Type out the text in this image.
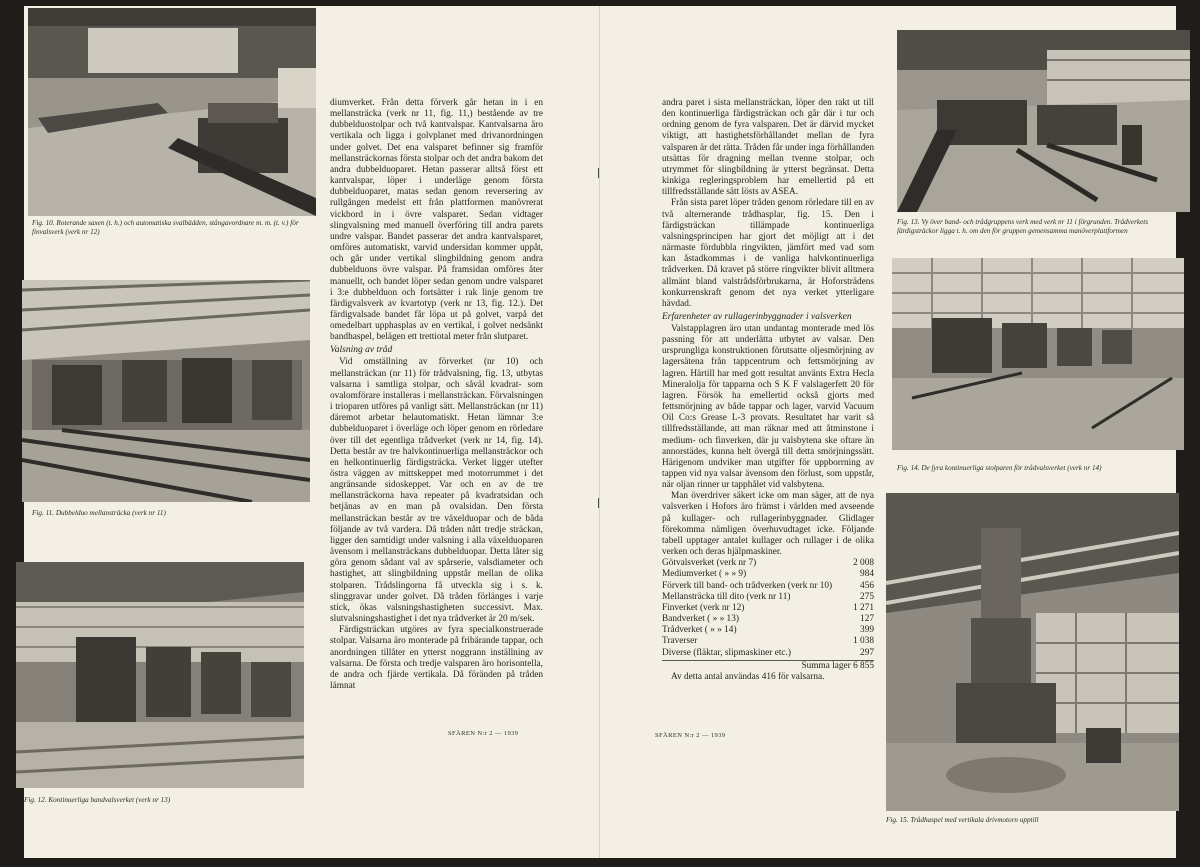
Fig. 10. Roterande saxen (t. h.) och automatiska svalbädden, stångavordnare m. m. (t. v.) för finvalsverk (verk nr 12)
Fig. 11. Dubbelduo mellansträcka (verk nr 11)
Fig. 12. Kontinuerliga bandvalsverket (verk nr 13)

diumverket. Från detta förverk går hetan in i en mellansträcka (verk nr 11, fig. 11,) bestående av tre dubbelduostolpar och två kantvalspar. Kantvalsarna äro vertikala och ligga i golvplanet med drivanordningen under golvet. Det ena valsparet befinner sig framför mellansträckornas första stolpar och det andra bakom det andra dubbelduoparet. Hetan passerar alltså först ett kantvalspar, löper i underläge genom första dubbelduoparet, matas sedan genom reversering av rullgången medelst ett från plattformen manövrerat vickbord in i övre valsparet. Sedan vidtager slingvalsning med manuell överföring till andra parets undre valspar. Bandet passerar det andra kantvalsparet, omföres automatiskt, varvid undersidan kommer uppåt, och går under vertikal slingbildning genom andra dubbelduons övre valspar. På framsidan omföres åter manuellt, och bandet löper sedan genom undre valsparet i 3:e dubbelduon och fortsätter i rak linje genom tre färdigvalsverk av kvartotyp (verk nr 13, fig. 12.). Det färdigvalsade bandet får löpa ut på golvet, varpå det omedelbart upphasplas av en vertikal, i golvet nedsänkt bandhaspel, belägen ett trettiotal meter från slutparet.

Valsning av tråd

Vid omställning av förverket (nr 10) och mellansträckan (nr 11) för trådvalsning, fig. 13, utbytas valsarna i samtliga stolpar, och såväl kvadrat- som ovalomförare installeras i mellansträckan. Förvalsningen i trioparen utföres på vanligt sätt. Mellansträckan (nr 11) däremot arbetar helautomatiskt. Hetan lämnar 3:e dubbelduoparet i överläge och löper genom en rörledare över till det egentliga trådverket (verk nr 14, fig. 14). Detta består av tre halvkontinuerliga mellansträckor och en helkontinuerlig färdigsträcka. Verket ligger utefter östra väggen av mittskeppet med motorrummet i det angränsande sidoskeppet. Var och en av de tre mellansträckorna hava repeater på kvadratsidan och betjänas av en man på ovalsidan. Den första mellansträckan består av tre växelduopar och de båda följande av två vardera. Då tråden nått tredje sträckan, ligger den samtidigt under valsning i alla växelduoparen ävensom i mellansträckans dubbelduopar. Detta låter sig göra genom sådant val av spårserie, valsdiameter och hastighet, att slingbildning uppstår mellan de olika stolparen. Trådslingorna få utveckla sig i s. k. slinggravar under golvet. Då tråden förlänges i varje stick, ökas valsningshastigheten successivt. Max. slutvalsningshastighet i det nya trådverket är 20 m/sek.

Färdigsträckan utgöres av fyra specialkonstruerade stolpar. Valsarna äro monterade på fribärande tappar, och anordningen tillåter en ytterst noggrann inställning av valsarna. De första och tredje valsparen äro horisontella, de andra och fjärde vertikala. Då föränden på tråden lämnat

SFÄREN N:r 2 — 1939

andra paret i sista mellansträckan, löper den rakt ut till den kontinuerliga färdigsträckan och går där i tur och ordning genom de fyra valsparen. Det är därvid mycket viktigt, att hastighetsförhållandet mellan de fyra valsparen är det rätta. Tråden får under inga förhållanden utsättas för dragning mellan tvenne stolpar, och utrymmet för slingbildning är ytterst begränsat. Detta kinkiga regleringsproblem har emellertid på ett tillfredsställande sätt lösts av ASEA.

Från sista paret löper tråden genom rörledare till en av två alternerande trådhasplar, fig. 15. Den i färdigsträckan tillämpade kontinuerliga valsningsprincipen har gjort det möjligt att i det närmaste fördubbla ringvikten, jämfört med vad som kan åstadkommas i de vanliga halvkontinuerliga trådverken. Då kravet på större ringvikter blivit alltmera allmänt bland valstrådsförbrukarna, är Hoforsträdens konkurrenskraft genom det nya verket ytterligare hävdad.

Erfarenheter av rullagerinbyggnader i valsverken

Valstapplagren äro utan undantag monterade med lös passning för att underlätta utbytet av valsar. Den ursprungliga konstruktionen förutsatte oljesmörjning av lagersätena från tappcentrum och fettsmörjning av lagren. Härtill har med gott resultat använts Extra Hecla Mineralolja för tapparna och S K F valslagerfett 20 för lagren. Försök ha emellertid också gjorts med fettsmörjning av både tappar och lager, varvid Vacuum Oil Co:s Grease L-3 provats. Resultatet har varit så tillfredsställande, att man räknar med att åtminstone i medium- och finverken, där ju valsbytena ske oftare än annorstädes, kunna helt övergå till detta smörjningssätt. Härigenom undviker man utgifter för uppborrning av tappen vid nya valsar ävensom den förlust, som uppstår, när oljan rinner ur tapphålet vid valsbytena.

Man överdriver säkert icke om man säger, att de nya valsverken i Hofors äro främst i världen med avseende på kullager- och rullagerinbyggnader. Glidlager förekomma nämligen överhuvudtaget icke. Följande tabell upptager antalet kullager och rullager i de olika verken och deras hjälpmaskiner.

Götvalsverket (verk nr 7)	2 008
Mediumverket ( » » 9)	984
Förverk till band- och trådverken (verk nr 10)	456
Mellansträcka till dito (verk nr 11)	275
Finverket (verk nr 12)	1 271
Bandverket ( » » 13)	127
Trådverket ( » » 14)	399
Traverser	1 038
Diverse (fläktar, slipmaskiner etc.)	297
Summa lager 6 855

Av detta antal användas 416 för valsarna.

SFÄREN N:r 2 — 1939
Fig. 13. Vy över band- och trådgruppens verk med verk nr 11 i förgrunden. Trådverkets färdigsträckor ligga t. h. om den för gruppen gemensamma manöverplattformen
Fig. 14. De fyra kontinuerliga stolparen för trådvalsverket (verk nr 14)
Fig. 15. Trådhaspel med vertikala drivmotorn upptill
